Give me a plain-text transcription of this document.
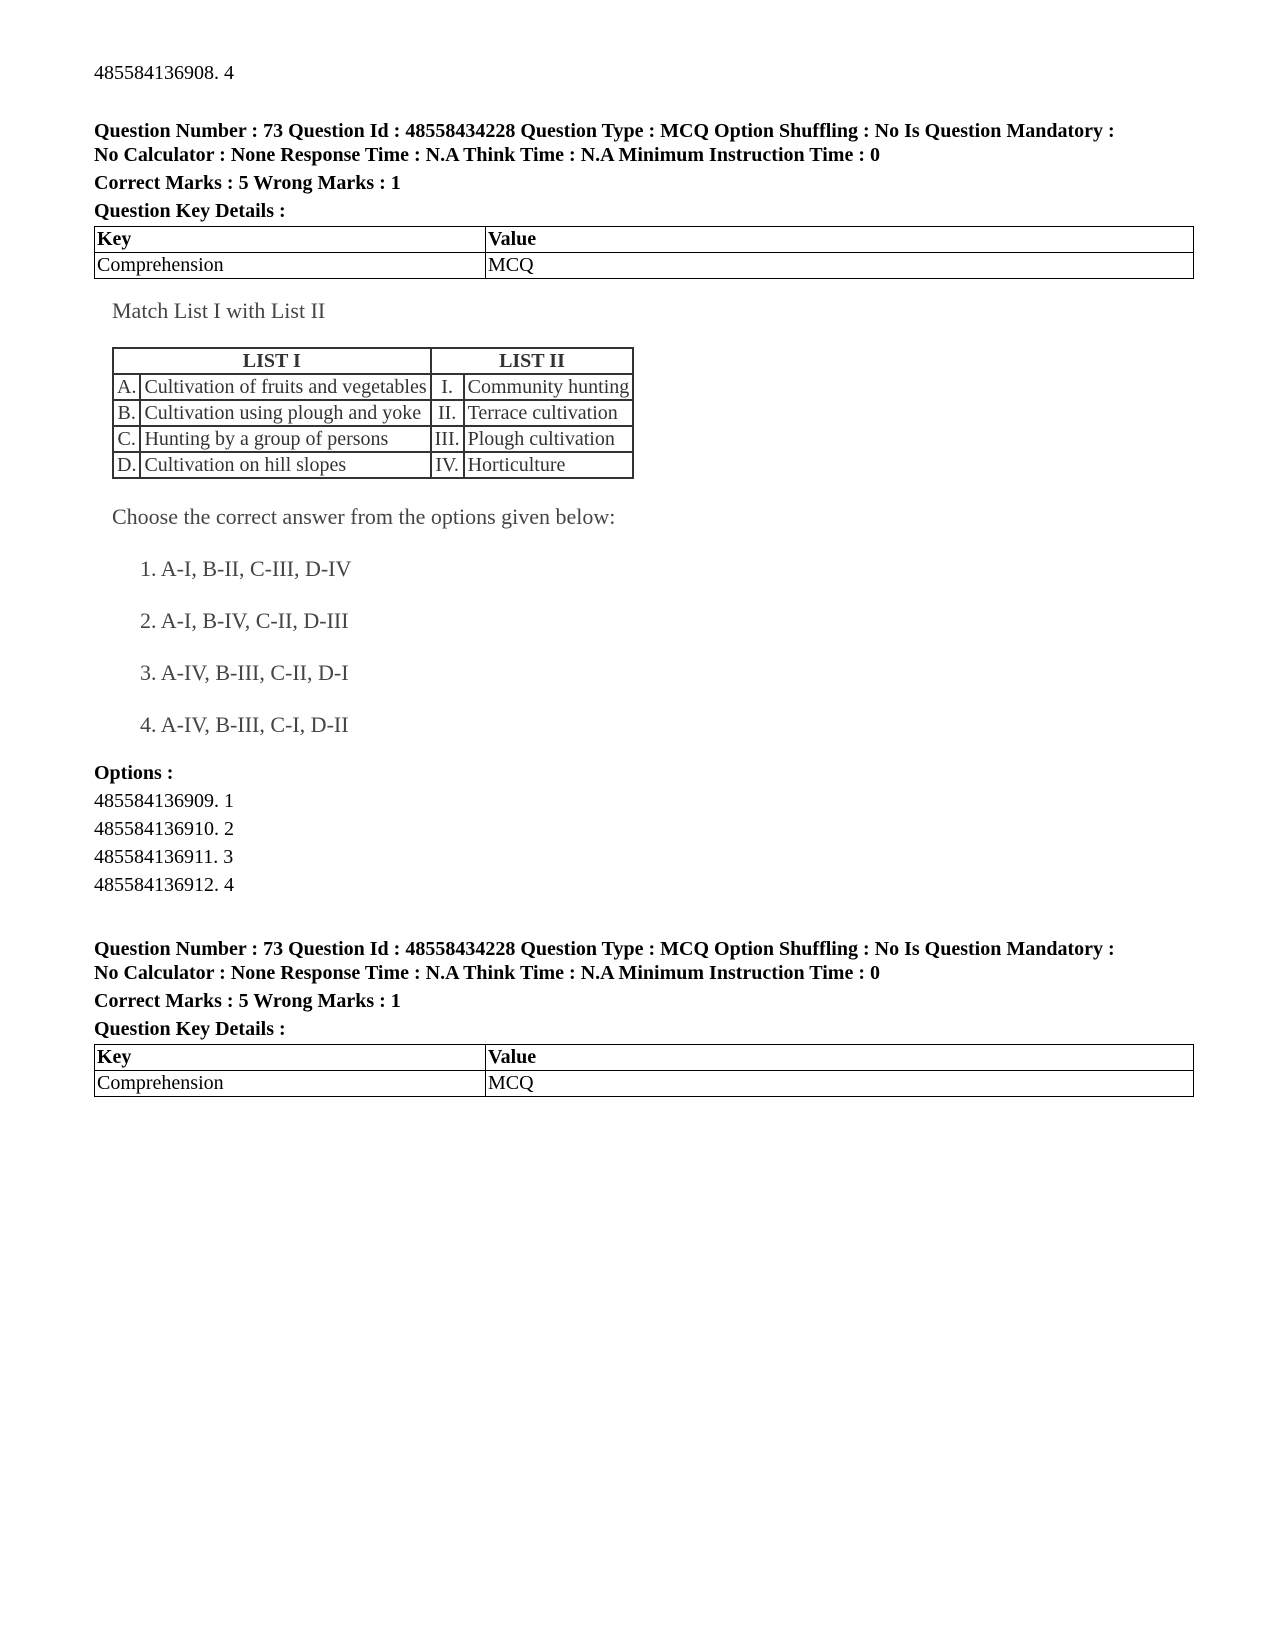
485584136908. 4

Question Number : 73 Question Id : 48558434228 Question Type : MCQ Option Shuffling : No Is Question Mandatory :

No Calculator : None Response Time : N.A Think Time : N.A Minimum Instruction Time : 0

Correct Marks : 5 Wrong Marks : 1

Question Key Details :

Key	Value
Comprehension	MCQ

Match List I with List II

LIST I		LIST II	
A.	Cultivation of fruits and vegetables	I.	Community hunting
B.	Cultivation using plough and yoke	II.	Terrace cultivation
C.	Hunting by a group of persons	III.	Plough cultivation
D.	Cultivation on hill slopes	IV.	Horticulture

Choose the correct answer from the options given below:

1. A-I, B-II, C-III, D-IV

2. A-I, B-IV, C-II, D-III

3. A-IV, B-III, C-II, D-I

4. A-IV, B-III, C-I, D-II

Options :

485584136909. 1

485584136910. 2

485584136911. 3

485584136912. 4

Question Number : 73 Question Id : 48558434228 Question Type : MCQ Option Shuffling : No Is Question Mandatory :

No Calculator : None Response Time : N.A Think Time : N.A Minimum Instruction Time : 0

Correct Marks : 5 Wrong Marks : 1

Question Key Details :

Key	Value
Comprehension	MCQ
